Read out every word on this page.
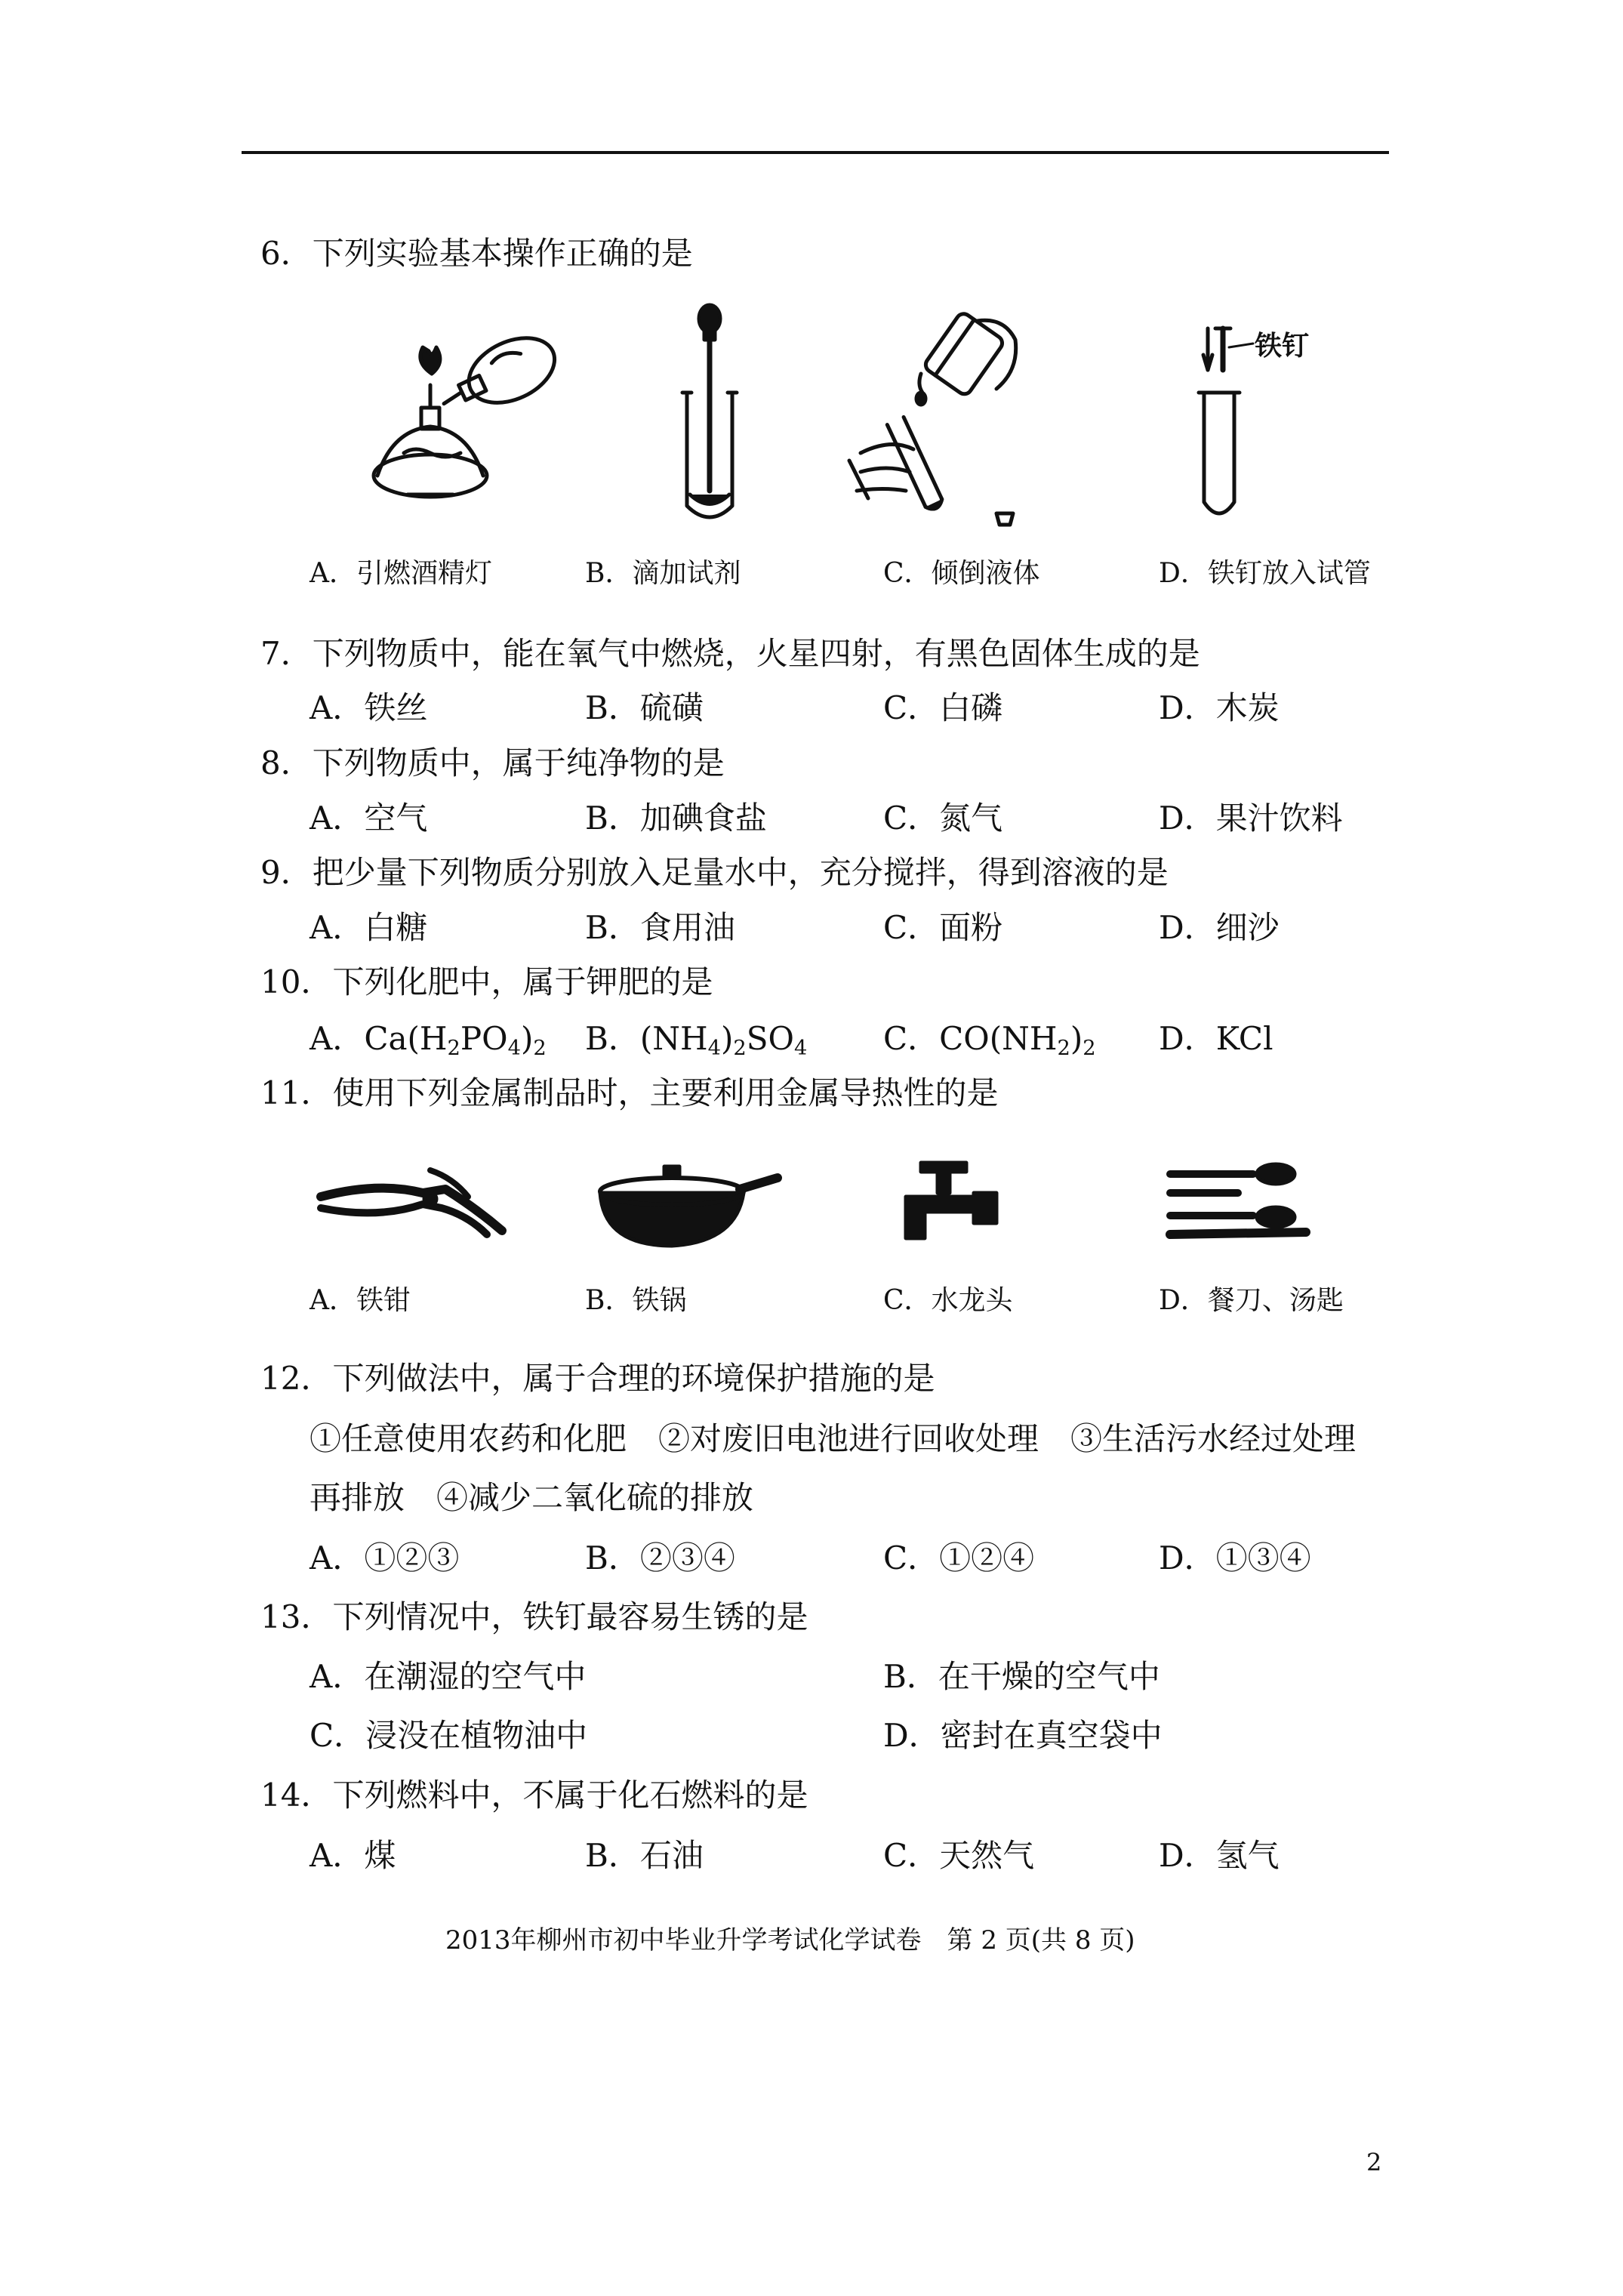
6．下列实验基本操作正确的是
铁钉
A．引燃酒精灯	B．滴加试剂	C．倾倒液体	D．铁钉放入试管
7．下列物质中，能在氧气中燃烧，火星四射，有黑色固体生成的是
A．铁丝	B．硫磺	C．白磷	D．木炭
8．下列物质中，属于纯净物的是
A．空气	B．加碘食盐	C．氮气	D．果汁饮料
9．把少量下列物质分别放入足量水中，充分搅拌，得到溶液的是
A．白糖	B．食用油	C．面粉	D．细沙
10．下列化肥中，属于钾肥的是
A．$Ca(H_2PO_4)_2$ B．$(NH_4)_2SO_4$ C．$CO(NH_2)_2$ D．KCl
11．使用下列金属制品时，主要利用金属导热性的是
A．铁钳	B．铁锅	C．水龙头	D．餐刀、汤匙
12．下列做法中，属于合理的环境保护措施的是
①任意使用农药和化肥　②对废旧电池进行回收处理　③生活污水经过处理
再排放　④减少二氧化硫的排放
A．①②③	B．②③④	C．①②④	D．①③④
13．下列情况中，铁钉最容易生锈的是
A．在潮湿的空气中	B．在干燥的空气中
C．浸没在植物油中	D．密封在真空袋中
14．下列燃料中，不属于化石燃料的是
A．煤	B．石油	C．天然气	D．氢气
2013年柳州市初中毕业升学考试化学试卷　第 2 页(共 8 页)
2
